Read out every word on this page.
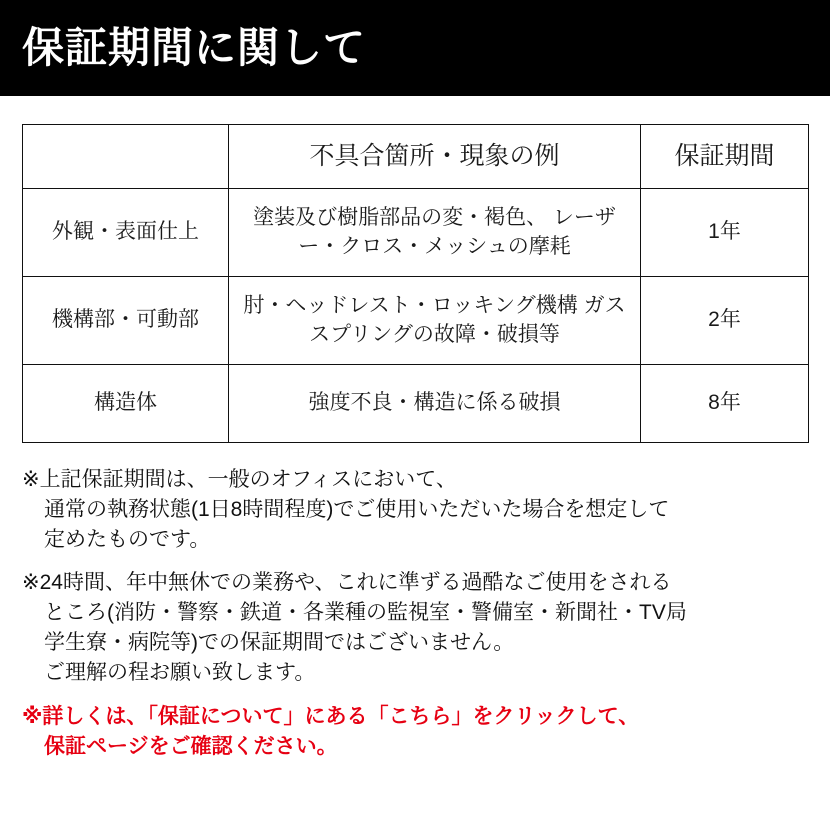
保証期間に関して
	不具合箇所・現象の例	保証期間
外観・表面仕上	塗装及び樹脂部品の変・褐色、 レーザー・クロス・メッシュの摩耗	1年
機構部・可動部	肘・ヘッドレスト・ロッキング機構 ガススプリングの故障・破損等	2年
構造体	強度不良・構造に係る破損	8年
※上記保証期間は、一般のオフィスにおいて、
通常の執務状態(1日8時間程度)でご使用いただいた場合を想定して
定めたものです。
※24時間、年中無休での業務や、これに準ずる過酷なご使用をされる
ところ(消防・警察・鉄道・各業種の監視室・警備室・新聞社・TV局
学生寮・病院等)での保証期間ではございません。
ご理解の程お願い致します。
※詳しくは、「保証について」にある「こちら」をクリックして、
保証ページをご確認ください。
